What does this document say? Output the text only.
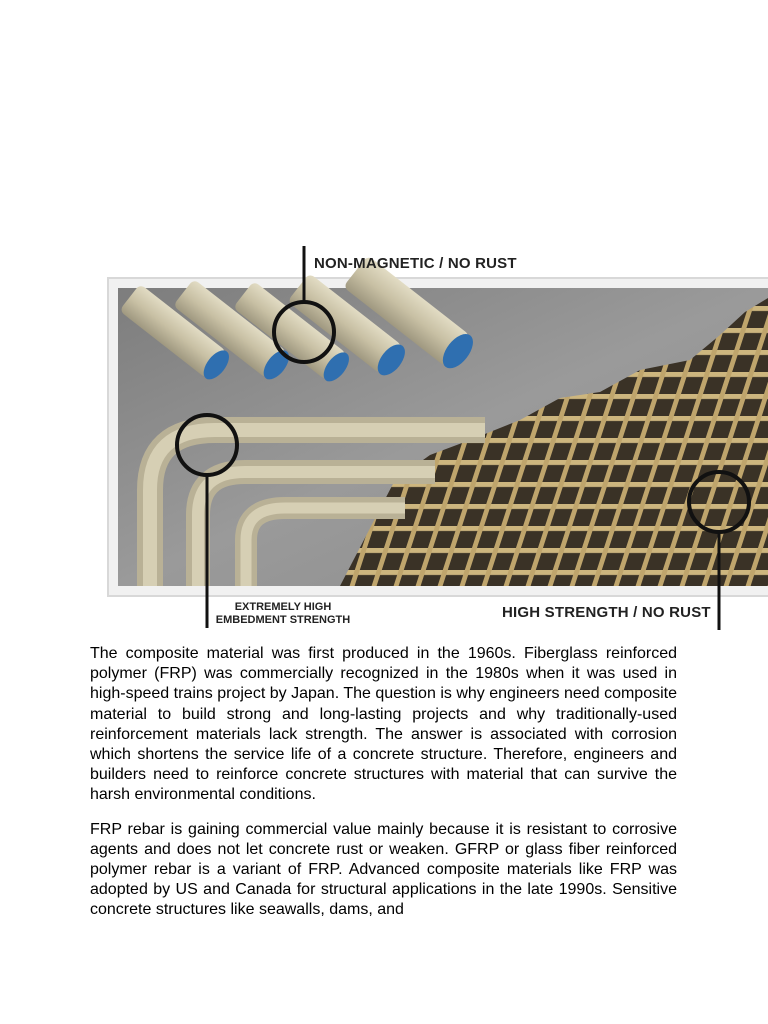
NON-MAGNETIC / NO RUST
EXTREMELY HIGH
EMBEDMENT STRENGTH	HIGH STRENGTH / NO RUST

The composite material was first produced in the 1960s. Fiberglass reinforced polymer (FRP) was commercially recognized in the 1980s when it was used in high-speed trains project by Japan. The question is why engineers need composite material to build strong and long-lasting projects and why traditionally-used reinforcement materials lack strength. The answer is associated with corrosion which shortens the service life of a concrete structure. Therefore, engineers and builders need to reinforce concrete structures with material that can survive the harsh environmental conditions.

FRP rebar is gaining commercial value mainly because it is resistant to corrosive agents and does not let concrete rust or weaken. GFRP or glass fiber reinforced polymer rebar is a variant of FRP. Advanced composite materials like FRP was adopted by US and Canada for structural applications in the late 1990s. Sensitive concrete structures like seawalls, dams, and
